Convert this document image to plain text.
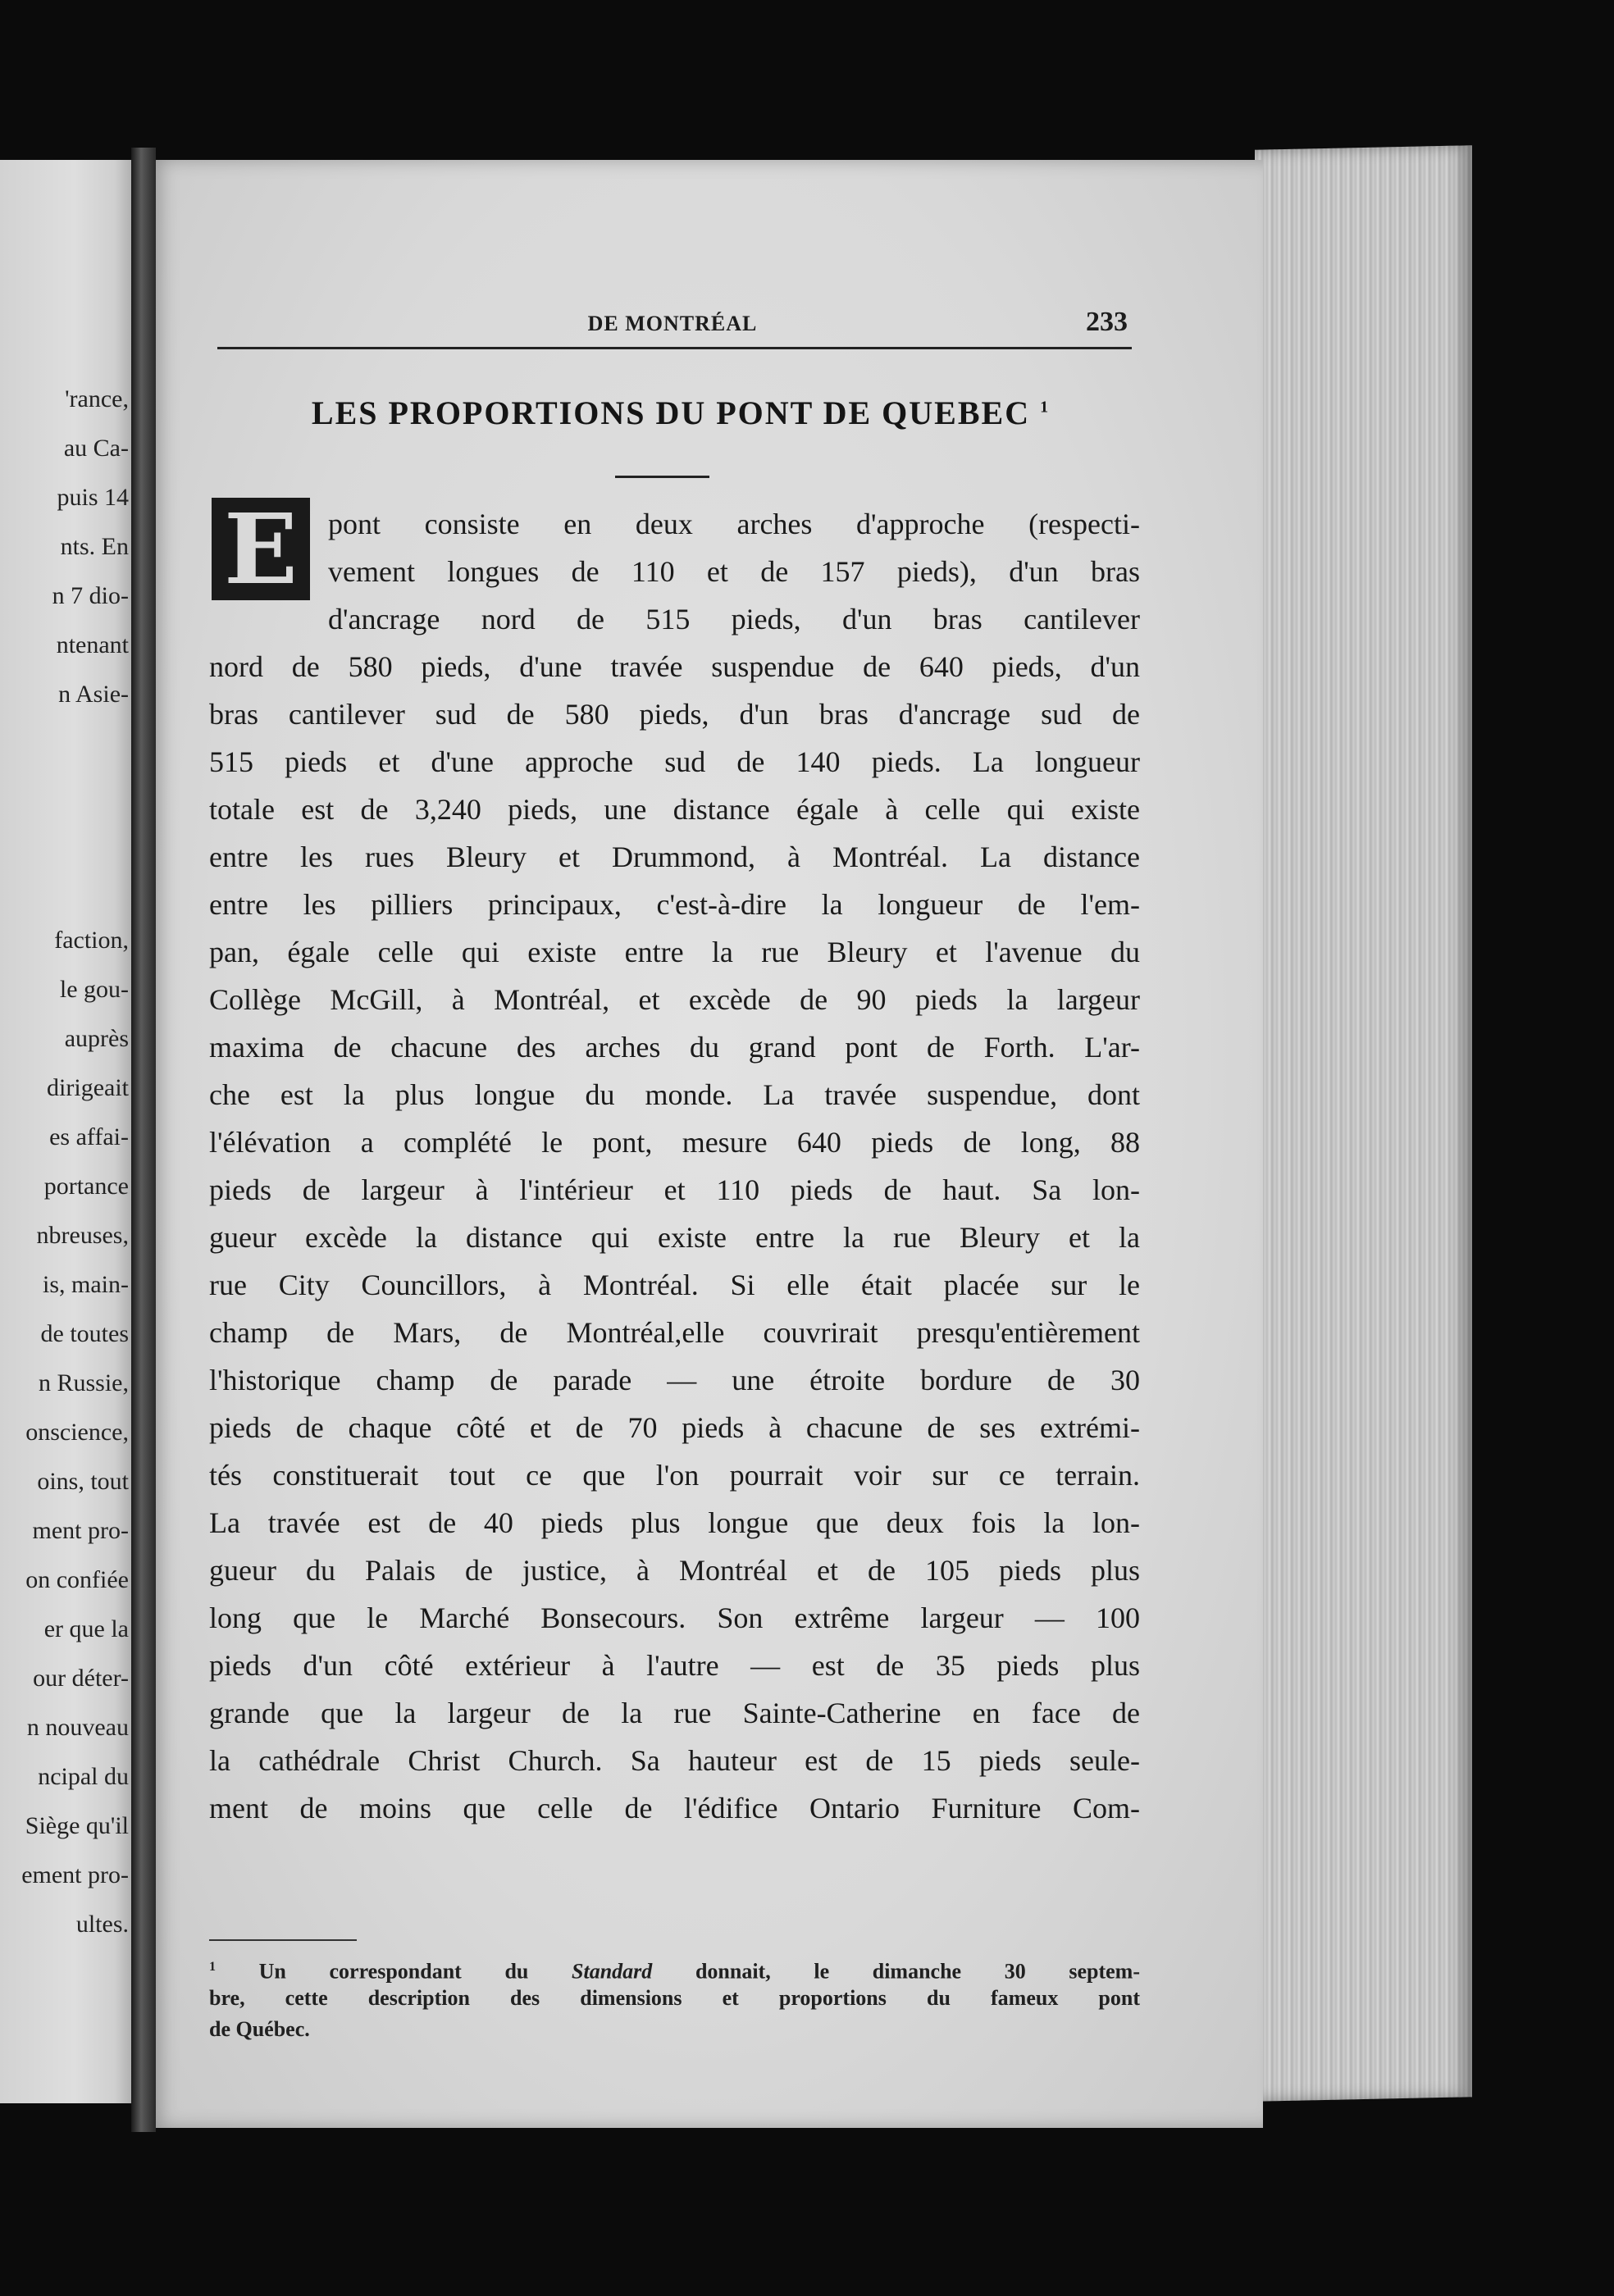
'rance,
au Ca-
puis 14
nts. En
n 7 dio-
ntenant
n Asie-
faction,
le gou-
auprès
dirigeait
es affai-
portance
nbreuses,
is, main-
de toutes
n Russie,
onscience,
oins, tout
ment pro-
on confiée
er que la
our déter-
n nouveau
ncipal du
Siège qu'il
ement pro-
ultes.
DE MONTRÉAL	233
LES PROPORTIONS DU PONT DE QUEBEC $^1$
E	pont consiste en deux arches d'approche (respecti-
vement longues de 110 et de 157 pieds), d'un bras
d'ancrage nord de 515 pieds, d'un bras cantilever
nord de 580 pieds, d'une travée suspendue de 640 pieds, d'un
bras cantilever sud de 580 pieds, d'un bras d'ancrage sud de
515 pieds et d'une approche sud de 140 pieds. La longueur
totale est de 3,240 pieds, une distance égale à celle qui existe
entre les rues Bleury et Drummond, à Montréal. La distance
entre les pilliers principaux, c'est-à-dire la longueur de l'em-
pan, égale celle qui existe entre la rue Bleury et l'avenue du
Collège McGill, à Montréal, et excède de 90 pieds la largeur
maxima de chacune des arches du grand pont de Forth. L'ar-
che est la plus longue du monde. La travée suspendue, dont
l'élévation a complété le pont, mesure 640 pieds de long, 88
pieds de largeur à l'intérieur et 110 pieds de haut. Sa lon-
gueur excède la distance qui existe entre la rue Bleury et la
rue City Councillors, à Montréal. Si elle était placée sur le
champ de Mars, de Montréal,elle couvrirait presqu'entièrement
l'historique champ de parade — une étroite bordure de 30
pieds de chaque côté et de 70 pieds à chacune de ses extrémi-
tés constituerait tout ce que l'on pourrait voir sur ce terrain.
La travée est de 40 pieds plus longue que deux fois la lon-
gueur du Palais de justice, à Montréal et de 105 pieds plus
long que le Marché Bonsecours. Son extrême largeur — 100
pieds d'un côté extérieur à l'autre — est de 35 pieds plus
grande que la largeur de la rue Sainte-Catherine en face de
la cathédrale Christ Church. Sa hauteur est de 15 pieds seule-
ment de moins que celle de l'édifice Ontario Furniture Com-
$^1$ Un correspondant du Standard donnait, le dimanche 30 septem-
bre, cette description des dimensions et proportions du fameux pont
de Québec.
